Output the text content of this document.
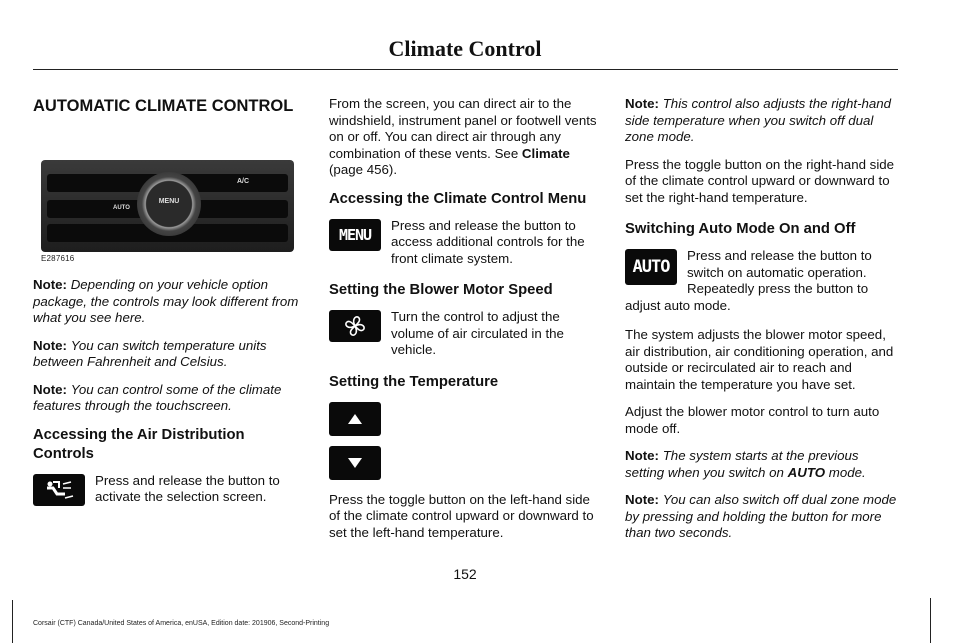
Climate Control
AUTOMATIC CLIMATE CONTROL
A/C
AUTO
MENU
E287616

Note: Depending on your vehicle option package, the controls may look different from what you see here.

Note: You can switch temperature units between Fahrenheit and Celsius.

Note: You can control some of the climate features through the touchscreen.

Accessing the Air Distribution Controls

Press and release the button to activate the selection screen.

From the screen, you can direct air to the windshield, instrument panel or footwell vents on or off. You can direct air through any combination of these vents. See Climate (page 456).

Accessing the Climate Control Menu
MENU

Press and release the button to access additional controls for the front climate system.

Setting the Blower Motor Speed

Turn the control to adjust the volume of air circulated in the vehicle.

Setting the Temperature

Press the toggle button on the left-hand side of the climate control upward or downward to set the left-hand temperature.

Note: This control also adjusts the right-hand side temperature when you switch off dual zone mode.

Press the toggle button on the right-hand side of the climate control upward or downward to set the right-hand temperature.

Switching Auto Mode On and Off
AUTO

Press and release the button to switch on automatic operation. Repeatedly press the button to

adjust auto mode.

The system adjusts the blower motor speed, air distribution, air conditioning operation, and outside or recirculated air to reach and maintain the temperature you have set.

Adjust the blower motor control to turn auto mode off.

Note: The system starts at the previous setting when you switch on AUTO mode.

Note: You can also switch off dual zone mode by pressing and holding the button for more than two seconds.

152
Corsair (CTF) Canada/United States of America, enUSA, Edition date: 201906, Second-Printing
